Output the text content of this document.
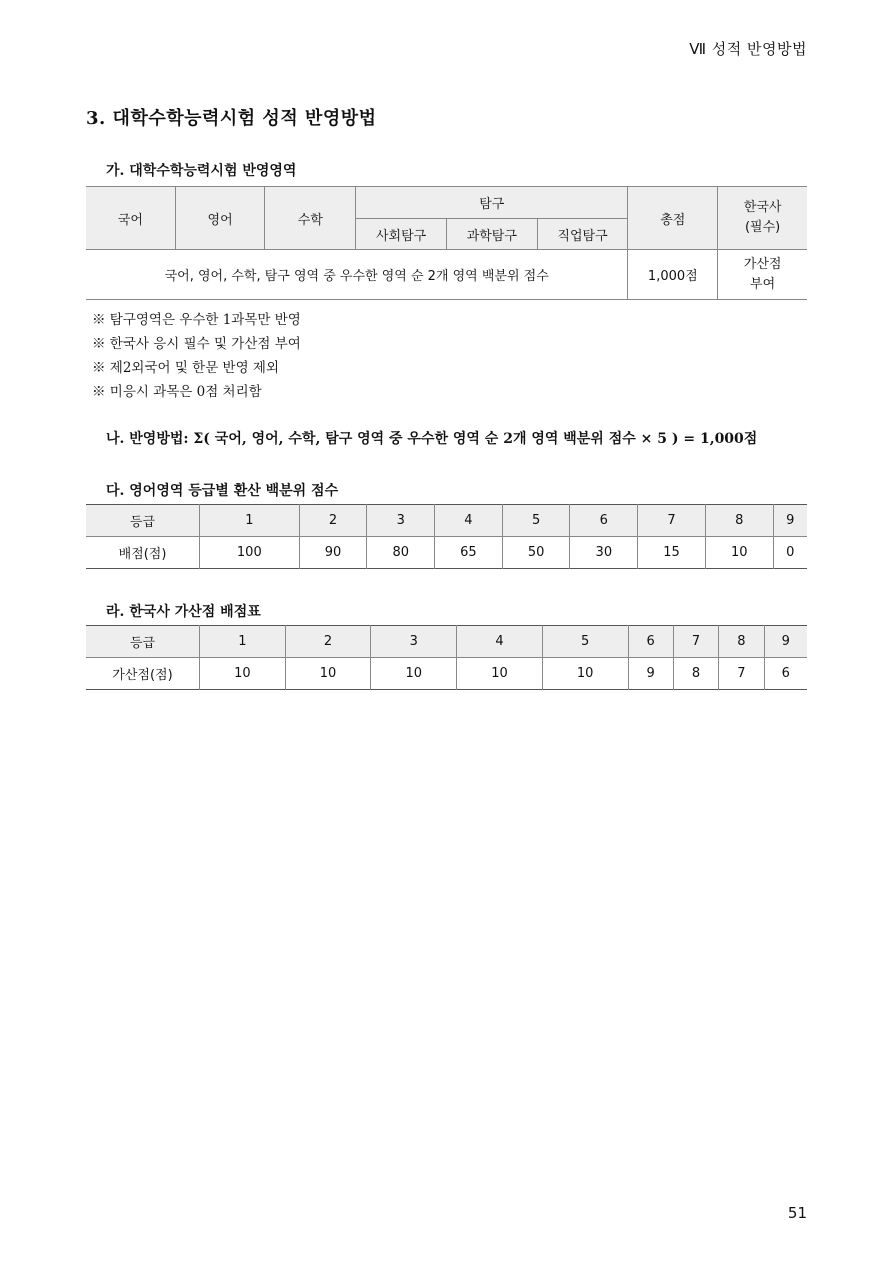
Ⅶ 성적 반영방법
3. 대학수학능력시험 성적 반영방법
가. 대학수학능력시험 반영영역
국어	영어	수학	탐구			총점	한국사
(필수)

			사회탐구	과학탐구	직업탐구		
국어, 영어, 수학, 탐구 영역 중 우수한 영역 순 2개 영역 백분위 점수						1,000점	가산점
부여
※ 탐구영역은 우수한 1과목만 반영
※ 한국사 응시 필수 및 가산점 부여
※ 제2외국어 및 한문 반영 제외
※ 미응시 과목은 0점 처리함
나. 반영방법: Σ( 국어, 영어, 수학, 탐구 영역 중 우수한 영역 순 2개 영역 백분위 점수 × 5 ) = 1,000점
다. 영어영역 등급별 환산 백분위 점수
등급	1	2	3	4	5	6	7	8	9
배점(점)	100	90	80	65	50	30	15	10	0
라. 한국사 가산점 배점표
등급	1	2	3	4	5	6	7	8	9
가산점(점)	10	10	10	10	10	9	8	7	6
51
